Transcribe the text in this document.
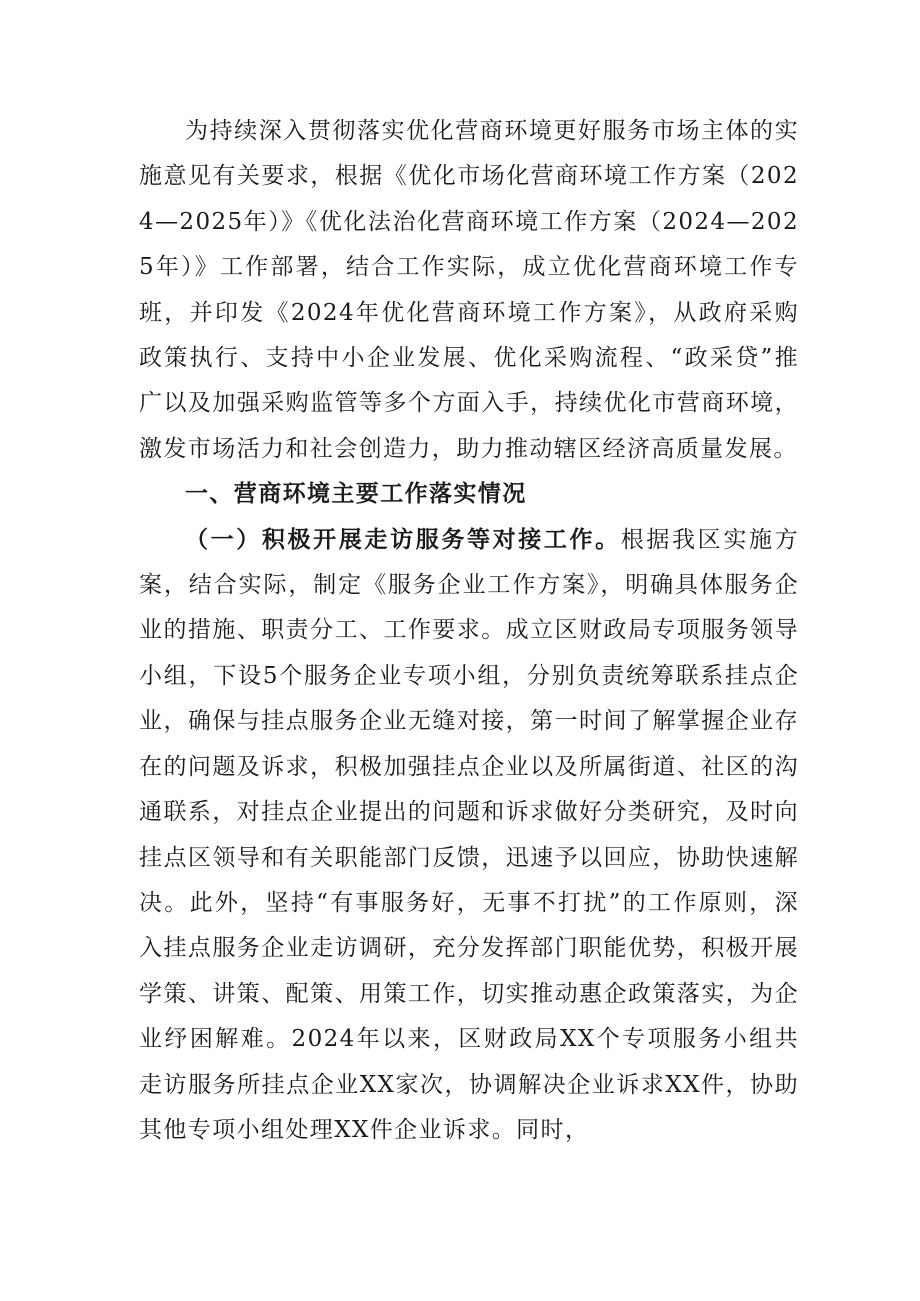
为持续深入贯彻落实优化营商环境更好服务市场主体的实施意见有关要求，根据《优化市场化营商环境工作方案（2024—2025年）》《优化法治化营商环境工作方案（2024—2025年）》工作部署，结合工作实际，成立优化营商环境工作专班，并印发《2024年优化营商环境工作方案》，从政府采购政策执行、支持中小企业发展、优化采购流程、“政采贷”推广以及加强采购监管等多个方面入手，持续优化市营商环境，激发市场活力和社会创造力，助力推动辖区经济高质量发展。

一、营商环境主要工作落实情况

（一）积极开展走访服务等对接工作。根据我区实施方案，结合实际，制定《服务企业工作方案》，明确具体服务企业的措施、职责分工、工作要求。成立区财政局专项服务领导小组，下设5个服务企业专项小组，分别负责统筹联系挂点企业，确保与挂点服务企业无缝对接，第一时间了解掌握企业存在的问题及诉求，积极加强挂点企业以及所属街道、社区的沟通联系，对挂点企业提出的问题和诉求做好分类研究，及时向挂点区领导和有关职能部门反馈，迅速予以回应，协助快速解决。此外，坚持“有事服务好，无事不打扰”的工作原则，深入挂点服务企业走访调研，充分发挥部门职能优势，积极开展学策、讲策、配策、用策工作，切实推动惠企政策落实，为企业纾困解难。2024年以来，区财政局XX个专项服务小组共走访服务所挂点企业XX家次，协调解决企业诉求XX件，协助其他专项小组处理XX件企业诉求。同时，
